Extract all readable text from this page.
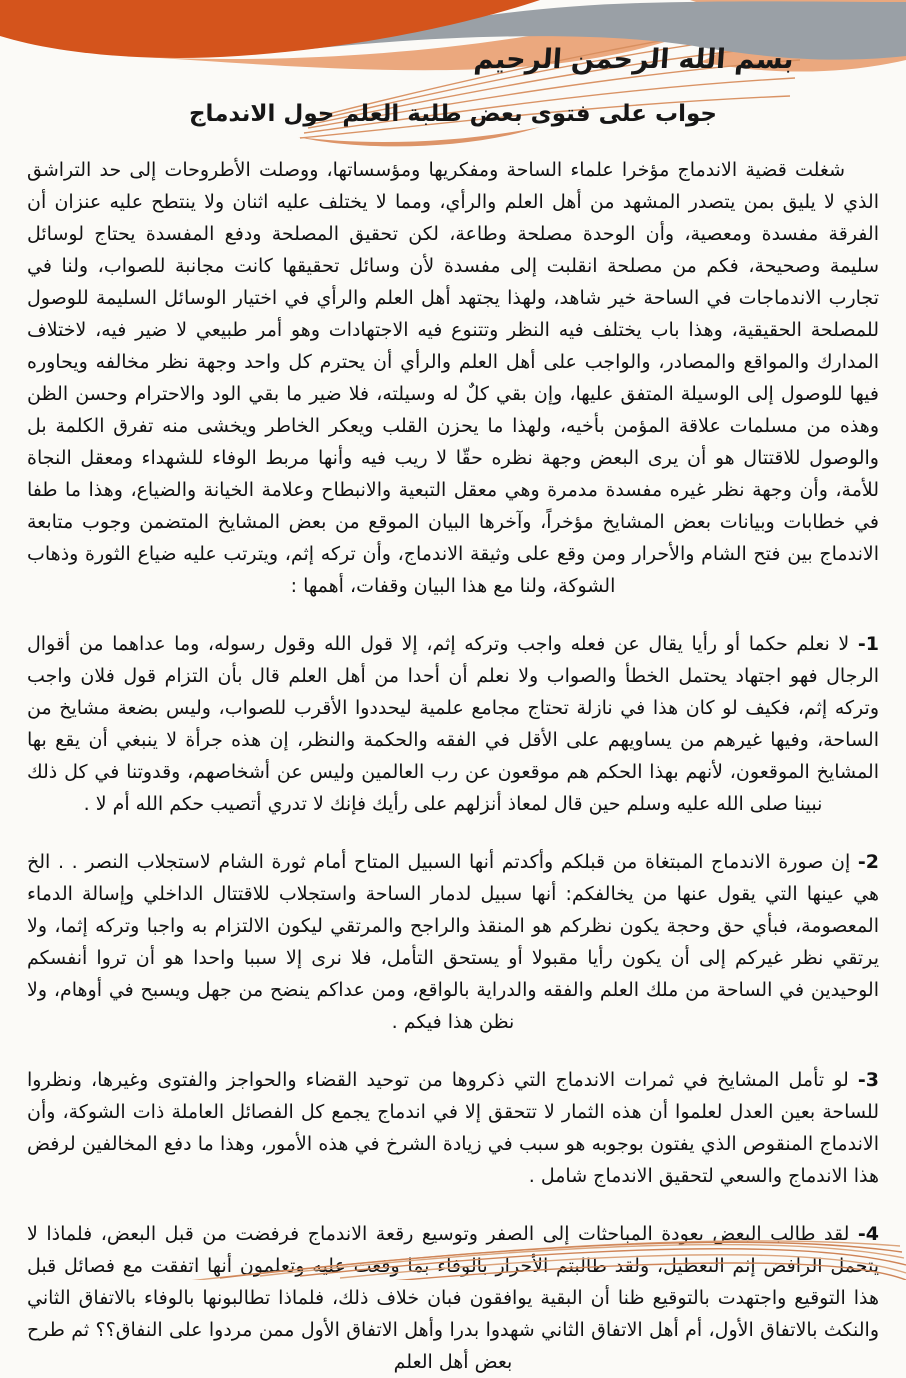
بسم الله الرحمن الرحيم
جواب على فتوى بعض طلبة العلم حول الاندماج

شغلت قضية الاندماج مؤخرا علماء الساحة ومفكريها ومؤسساتها، ووصلت الأطروحات إلى حد التراشق الذي لا يليق بمن يتصدر المشهد من أهل العلم والرأي، ومما لا يختلف عليه اثنان ولا ينتطح عليه عنزان أن الفرقة مفسدة ومعصية، وأن الوحدة مصلحة وطاعة، لكن تحقيق المصلحة ودفع المفسدة يحتاج لوسائل سليمة وصحيحة، فكم من مصلحة انقلبت إلى مفسدة لأن وسائل تحقيقها كانت مجانبة للصواب، ولنا في تجارب الاندماجات في الساحة خير شاهد، ولهذا يجتهد أهل العلم والرأي في اختيار الوسائل السليمة للوصول للمصلحة الحقيقية، وهذا باب يختلف فيه النظر وتتنوع فيه الاجتهادات وهو أمر طبيعي لا ضير فيه، لاختلاف المدارك والمواقع والمصادر، والواجب على أهل العلم والرأي أن يحترم كل واحد وجهة نظر مخالفه ويحاوره فيها للوصول إلى الوسيلة المتفق عليها، وإن بقي كلٌ له وسيلته، فلا ضير ما بقي الود والاحترام وحسن الظن وهذه من مسلمات علاقة المؤمن بأخيه، ولهذا ما يحزن القلب ويعكر الخاطر ويخشى منه تفرق الكلمة بل والوصول للاقتتال هو أن يرى البعض وجهة نظره حقّا لا ريب فيه وأنها مربط الوفاء للشهداء ومعقل النجاة للأمة، وأن وجهة نظر غيره مفسدة مدمرة وهي معقل التبعية والانبطاح وعلامة الخيانة والضياع، وهذا ما طفا في خطابات وبيانات بعض المشايخ مؤخراً، وآخرها البيان الموقع من بعض المشايخ المتضمن وجوب متابعة الاندماج بين فتح الشام والأحرار ومن وقع على وثيقة الاندماج، وأن تركه إثم، ويترتب عليه ضياع الثورة وذهاب الشوكة، ولنا مع هذا البيان وقفات، أهمها :

1- لا نعلم حكما أو رأيا يقال عن فعله واجب وتركه إثم، إلا قول الله وقول رسوله، وما عداهما من أقوال الرجال فهو اجتهاد يحتمل الخطأ والصواب ولا نعلم أن أحدا من أهل العلم قال بأن التزام قول فلان واجب وتركه إثم، فكيف لو كان هذا في نازلة تحتاج مجامع علمية ليحددوا الأقرب للصواب، وليس بضعة مشايخ من الساحة، وفيها غيرهم من يساويهم على الأقل في الفقه والحكمة والنظر، إن هذه جرأة لا ينبغي أن يقع بها المشايخ الموقعون، لأنهم بهذا الحكم هم موقعون عن رب العالمين وليس عن أشخاصهم، وقدوتنا في كل ذلك نبينا صلى الله عليه وسلم حين قال لمعاذ أنزلهم على رأيك فإنك لا تدري أتصيب حكم الله أم لا .

2- إن صورة الاندماج المبتغاة من قبلكم وأكدتم أنها السبيل المتاح أمام ثورة الشام لاستجلاب النصر . . الخ هي عينها التي يقول عنها من يخالفكم: أنها سبيل لدمار الساحة واستجلاب للاقتتال الداخلي وإسالة الدماء المعصومة، فبأي حق وحجة يكون نظركم هو المنقذ والراجح والمرتقي ليكون الالتزام به واجبا وتركه إثما، ولا يرتقي نظر غيركم إلى أن يكون رأيا مقبولا أو يستحق التأمل، فلا نرى إلا سببا واحدا هو أن تروا أنفسكم الوحيدين في الساحة من ملك العلم والفقه والدراية بالواقع، ومن عداكم ينضح من جهل ويسبح في أوهام، ولا نظن هذا فيكم .

3- لو تأمل المشايخ في ثمرات الاندماج التي ذكروها من توحيد القضاء والحواجز والفتوى وغيرها، ونظروا للساحة بعين العدل لعلموا أن هذه الثمار لا تتحقق إلا في اندماج يجمع كل الفصائل العاملة ذات الشوكة، وأن الاندماج المنقوص الذي يفتون بوجوبه هو سبب في زيادة الشرخ في هذه الأمور، وهذا ما دفع المخالفين لرفض هذا الاندماج والسعي لتحقيق الاندماج شامل .

4- لقد طالب البعض بعودة المباحثات إلى الصفر وتوسيع رقعة الاندماج فرفضت من قبل البعض، فلماذا لا يتحمل الرافض إثم التعطيل، ولقد طالبتم الأحرار بالوفاء بما وقعت عليه وتعلمون أنها اتفقت مع فصائل قبل هذا التوقيع واجتهدت بالتوقيع ظنا أن البقية يوافقون فبان خلاف ذلك، فلماذا تطالبونها بالوفاء بالاتفاق الثاني والنكث بالاتفاق الأول، أم أهل الاتفاق الثاني شهدوا بدرا وأهل الاتفاق الأول ممن مردوا على النفاق؟؟ ثم طرح بعض أهل العلم
